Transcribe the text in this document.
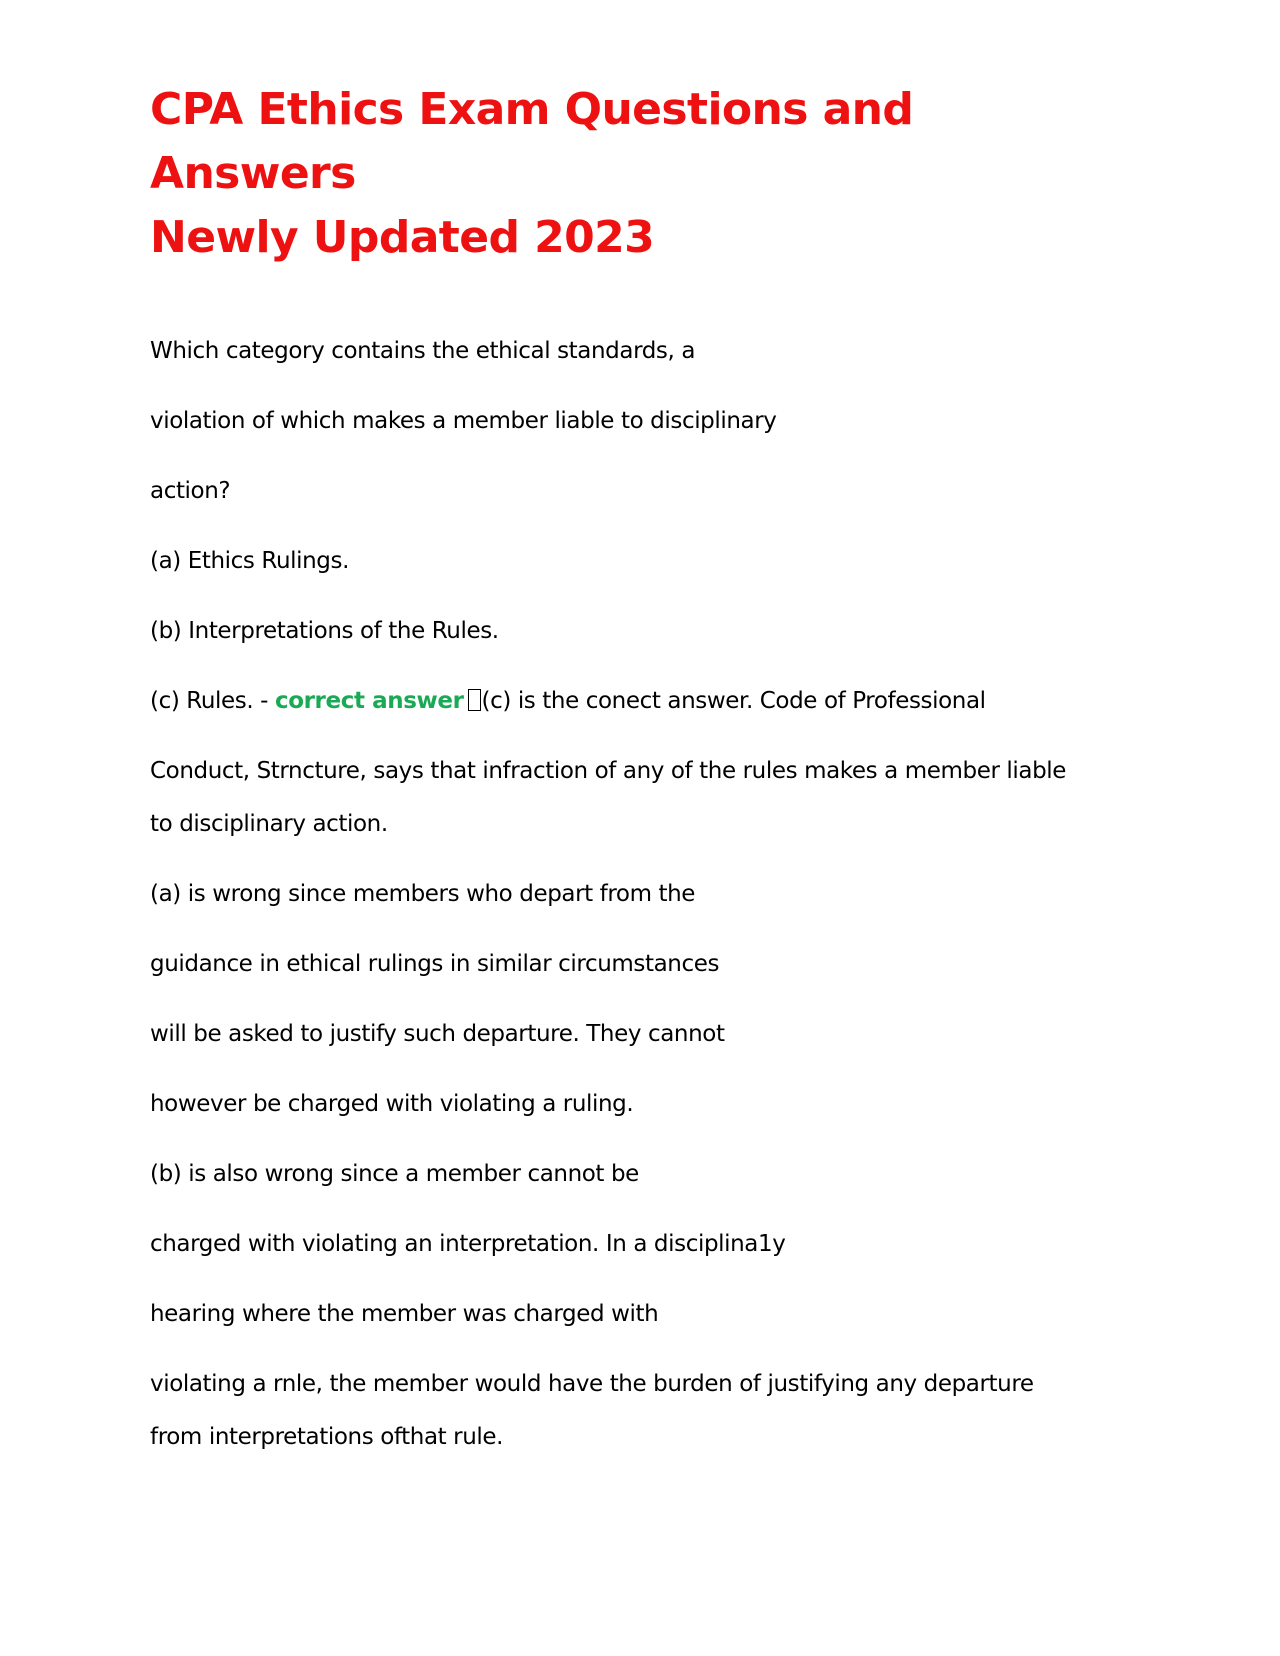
CPA Ethics Exam Questions and Answers
Newly Updated 2023

Which category contains the ethical standards, a

violation of which makes a member liable to disciplinary

action?

(a) Ethics Rulings.

(b) Interpretations of the Rules.

(c) Rules. - correct answer (c) is the conect answer. Code of Professional

Conduct, Strncture, says that infraction of any of the rules makes a member liable

to disciplinary action.

(a) is wrong since members who depart from the

guidance in ethical rulings in similar circumstances

will be asked to justify such departure. They cannot

however be charged with violating a ruling.

(b) is also wrong since a member cannot be

charged with violating an interpretation. In a disciplina1y

hearing where the member was charged with

violating a rnle, the member would have the burden of justifying any departure

from interpretations ofthat rule.
